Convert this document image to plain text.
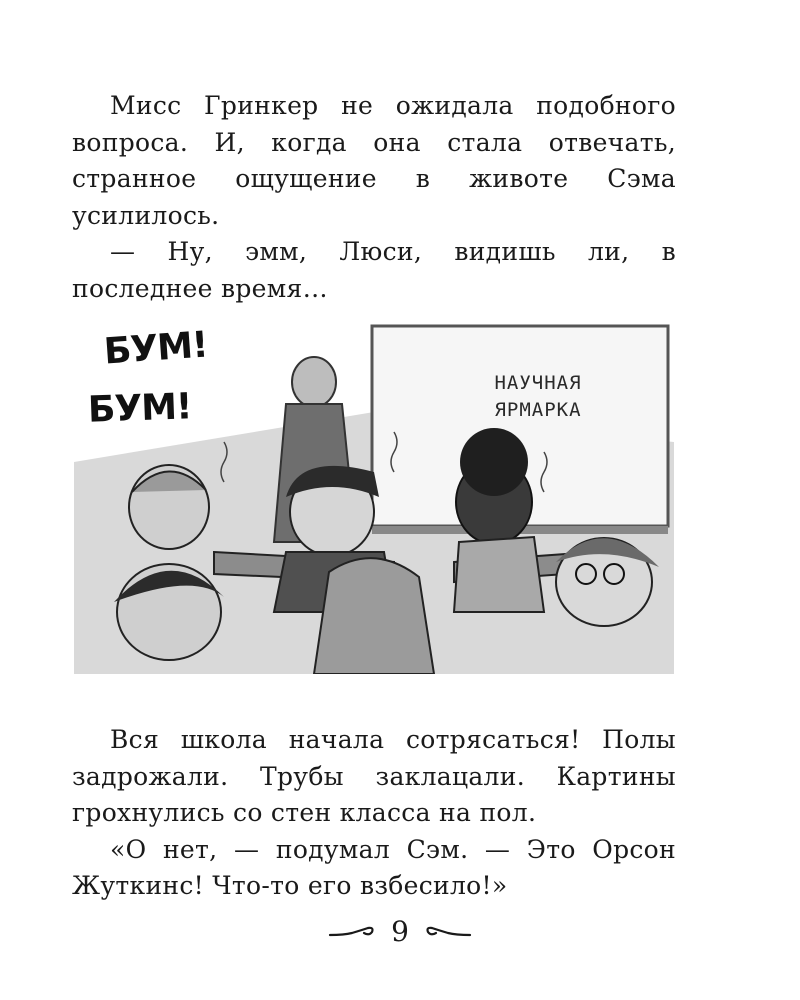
Мисс Гринкер не ожидала подобного вопроса. И, когда она стала отвечать, странное ощущение в животе Сэма усилилось.

— Ну, эмм, Люси, видишь ли, в последнее время…

НАУЧНАЯ
ЯРМАРКА
БУМ!
БУМ!

Вся школа начала сотрясаться! Полы задрожали. Трубы заклацали. Картины грохнулись со стен класса на пол.

«О нет, — подумал Сэм. — Это Орсон Жуткинс! Что-то его взбесило!»

9
